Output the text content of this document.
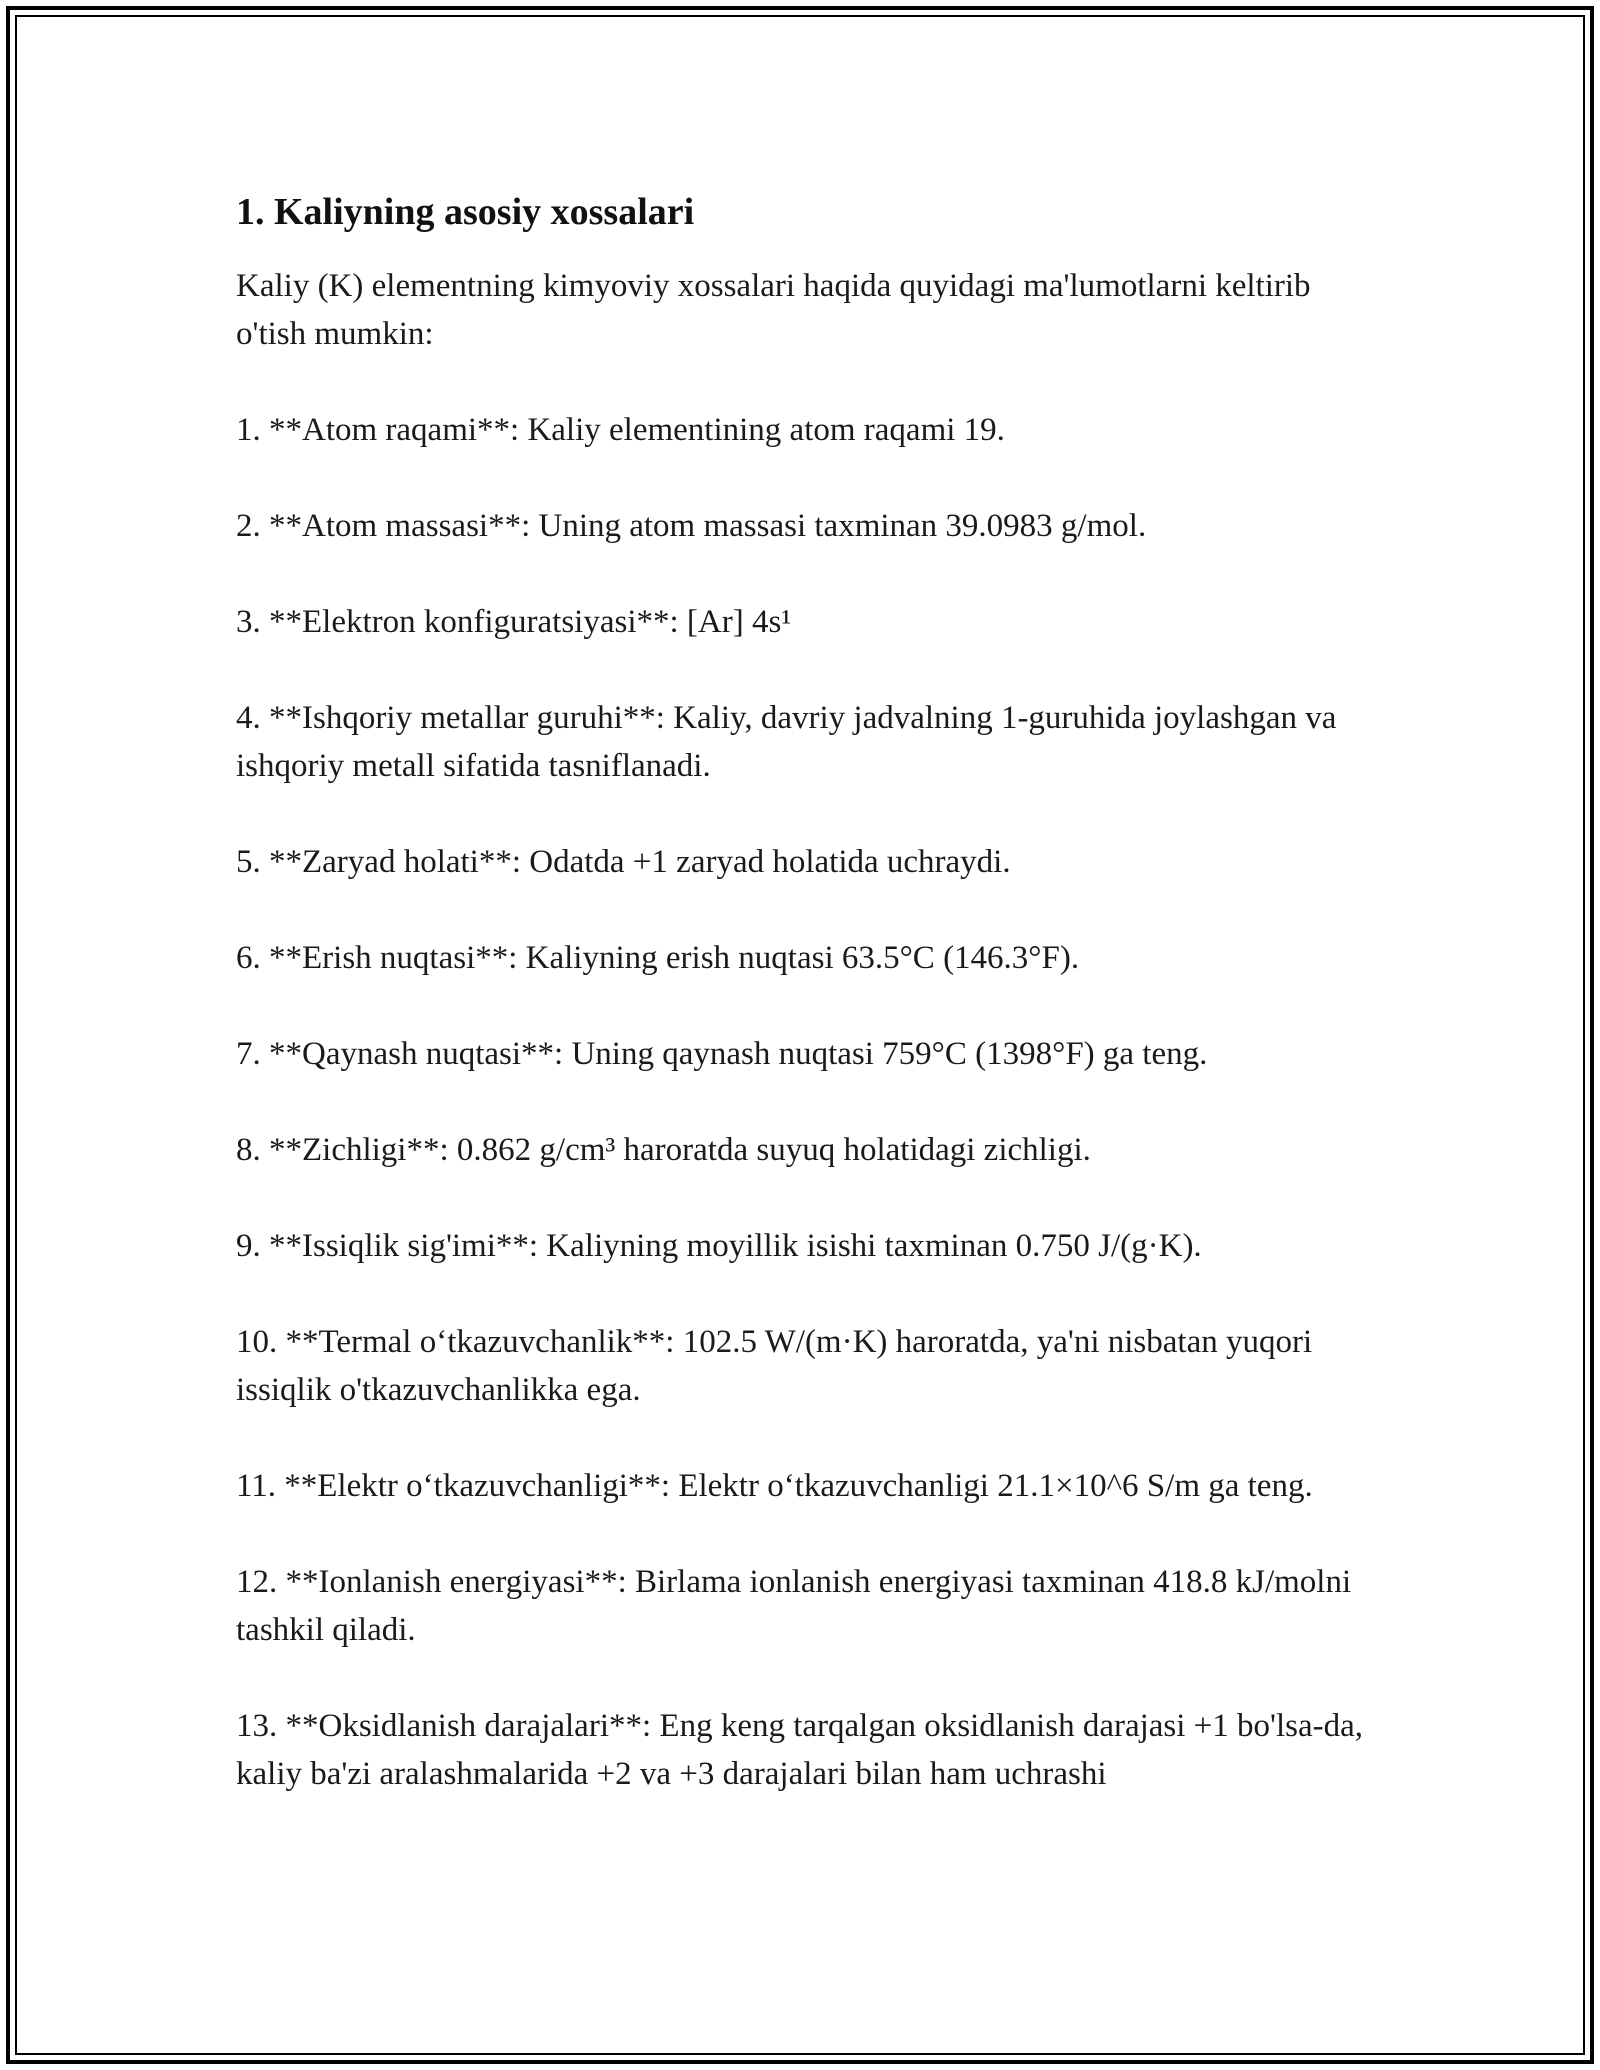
1. Kaliyning asosiy xossalari

Kaliy (K) elementning kimyoviy xossalari haqida quyidagi ma'lumotlarni keltirib o'tish mumkin:

1. **Atom raqami**: Kaliy elementining atom raqami 19.

2. **Atom massasi**: Uning atom massasi taxminan 39.0983 g/mol.

3. **Elektron konfiguratsiyasi**: [Ar] 4s¹

4. **Ishqoriy metallar guruhi**: Kaliy, davriy jadvalning 1-guruhida joylashgan va ishqoriy metall sifatida tasniflanadi.

5. **Zaryad holati**: Odatda +1 zaryad holatida uchraydi.

6. **Erish nuqtasi**: Kaliyning erish nuqtasi 63.5°C (146.3°F).

7. **Qaynash nuqtasi**: Uning qaynash nuqtasi 759°C (1398°F) ga teng.

8. **Zichligi**: 0.862 g/cm³ haroratda suyuq holatidagi zichligi.

9. **Issiqlik sig'imi**: Kaliyning moyillik isishi taxminan 0.750 J/(g·K).

10. **Termal o‘tkazuvchanlik**: 102.5 W/(m·K) haroratda, ya'ni nisbatan yuqori issiqlik o'tkazuvchanlikka ega.

11. **Elektr o‘tkazuvchanligi**: Elektr o‘tkazuvchanligi 21.1×10^6 S/m ga teng.

12. **Ionlanish energiyasi**: Birlama ionlanish energiyasi taxminan 418.8 kJ/molni tashkil qiladi.

13. **Oksidlanish darajalari**: Eng keng tarqalgan oksidlanish darajasi +1 bo'lsa-da, kaliy ba'zi aralashmalarida +2 va +3 darajalari bilan ham uchrashi
